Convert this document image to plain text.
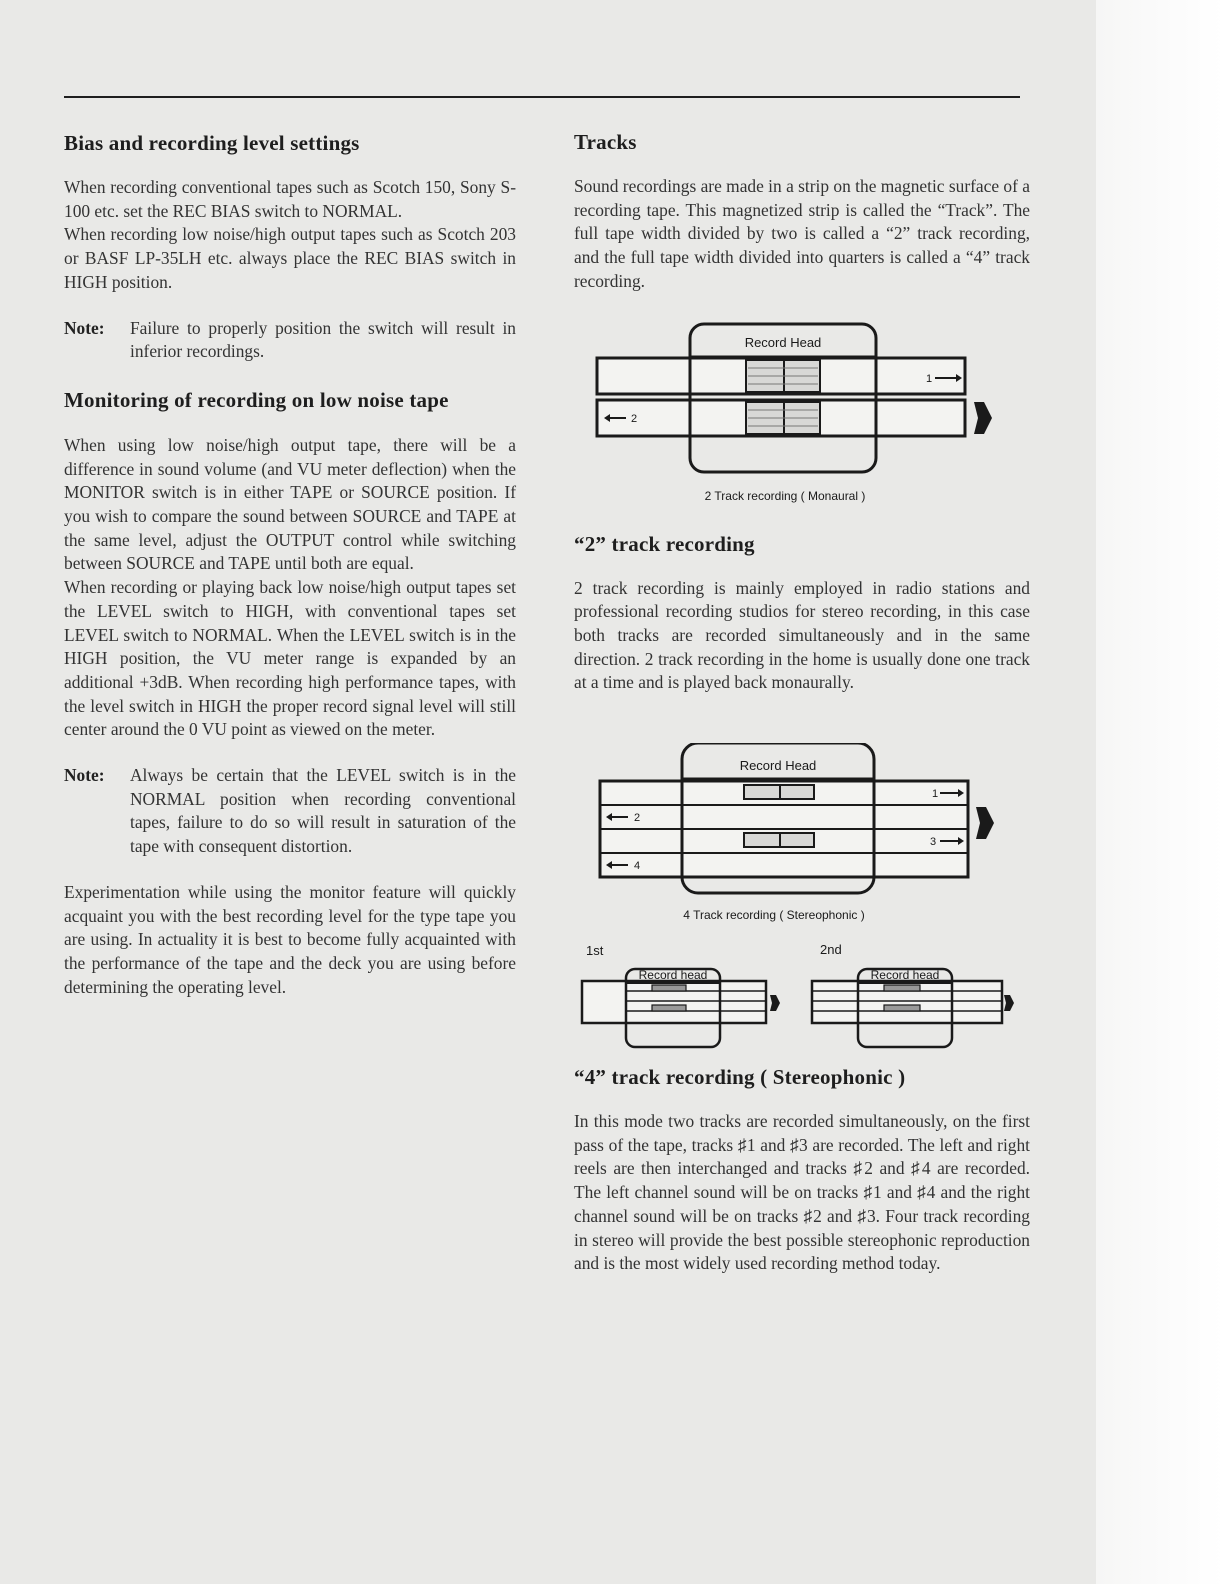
Bias and recording level settings

When recording conventional tapes such as Scotch 150, Sony S-100 etc. set the REC BIAS switch to NORMAL.

When recording low noise/high output tapes such as Scotch 203 or BASF LP-35LH etc. always place the REC BIAS switch in HIGH position.

Note:	Failure to properly position the switch will result in inferior recordings.
Monitoring of recording on low noise tape

When using low noise/high output tape, there will be a difference in sound volume (and VU meter deflection) when the MONITOR switch is in either TAPE or SOURCE position. If you wish to compare the sound between SOURCE and TAPE at the same level, adjust the OUTPUT control while switching between SOURCE and TAPE until both are equal.

When recording or playing back low noise/high output tapes set the LEVEL switch to HIGH, with conventional tapes set LEVEL switch to NORMAL. When the LEVEL switch is in the HIGH position, the VU meter range is expanded by an additional +3dB. When recording high performance tapes, with the level switch in HIGH the proper record signal level will still center around the 0 VU point as viewed on the meter.

Note:	Always be certain that the LEVEL switch is in the NORMAL position when recording conventional tapes, failure to do so will result in saturation of the tape with consequent distortion.

Experimentation while using the monitor feature will quickly acquaint you with the best recording level for the type tape you are using. In actuality it is best to become fully acquainted with the performance of the tape and the deck you are using before determining the operating level.

Tracks

Sound recordings are made in a strip on the magnetic surface of a recording tape. This magnetized strip is called the “Track”. The full tape width divided by two is called a “2” track recording, and the full tape width divided into quarters is called a “4” track recording.

1
2
Record Head
2 Track recording ( Monaural )
“2” track recording

2 track recording is mainly employed in radio stations and professional recording studios for stereo recording, in this case both tracks are recorded simultaneously and in the same direction. 2 track recording in the home is usually done one track at a time and is played back monaurally.

1
2
3
4
Record Head
4 Track recording ( Stereophonic )
1st	2nd
Record head	Record head
“4” track recording ( Stereophonic )

In this mode two tracks are recorded simultaneously, on the first pass of the tape, tracks ♯1 and ♯3 are recorded. The left and right reels are then interchanged and tracks ♯2 and ♯4 are recorded. The left channel sound will be on tracks ♯1 and ♯4 and the right channel sound will be on tracks ♯2 and ♯3. Four track recording in stereo will provide the best possible stereophonic reproduction and is the most widely used recording method today.
